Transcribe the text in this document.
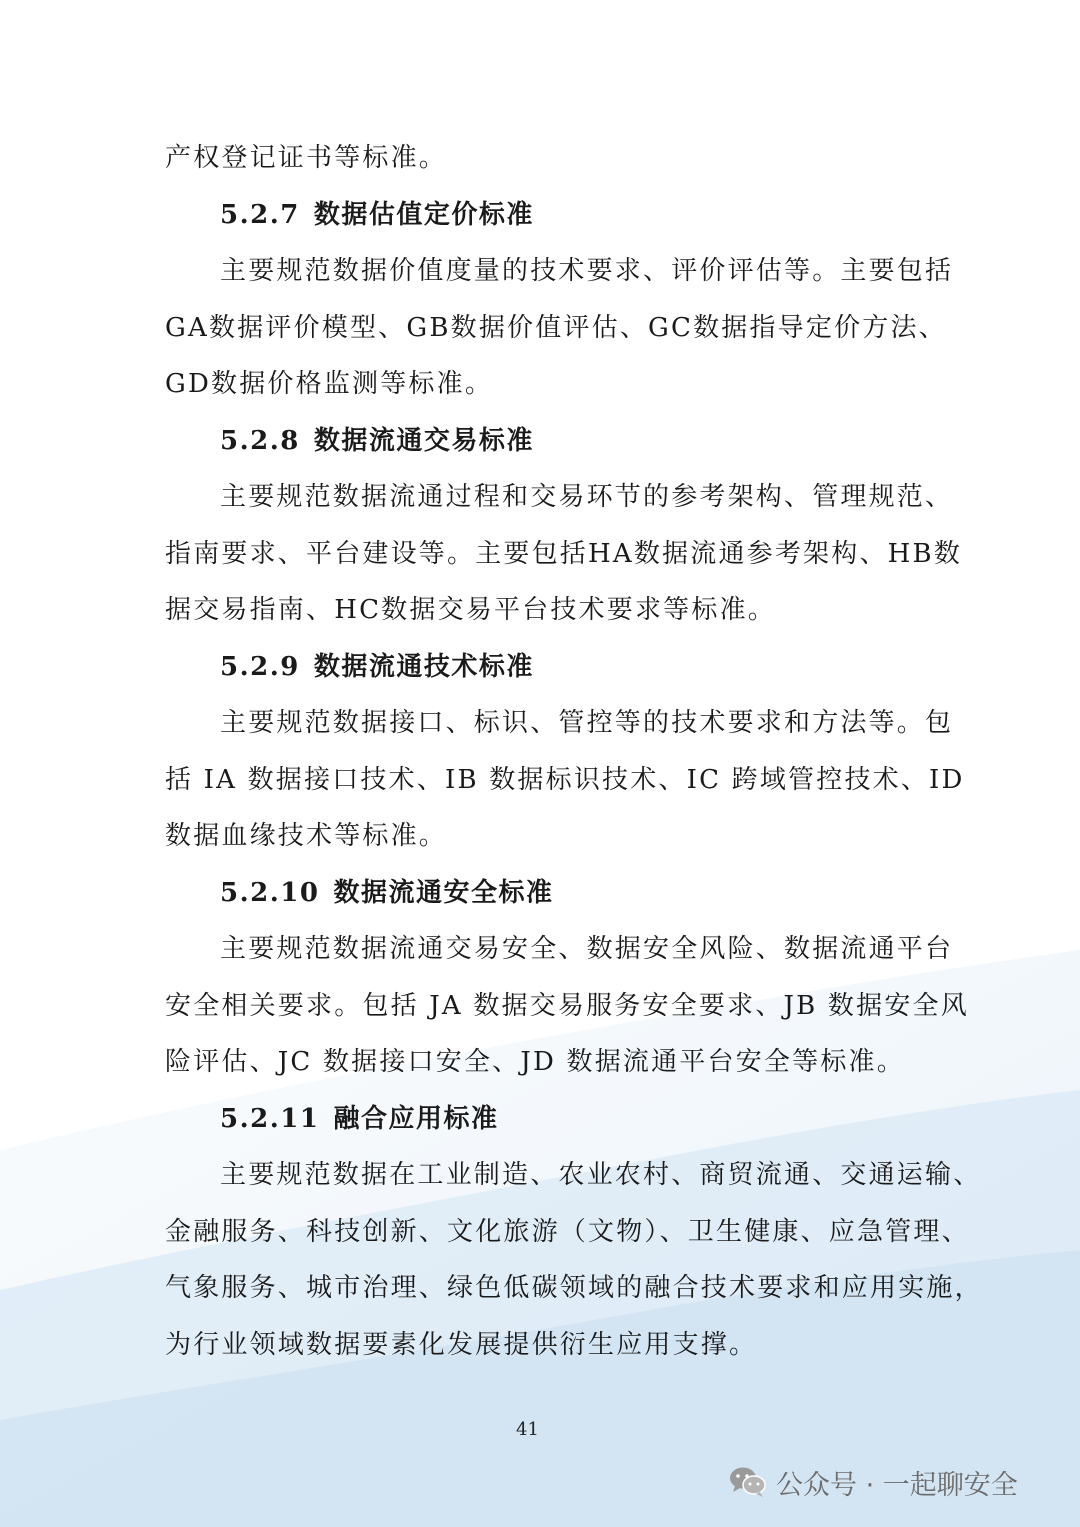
产权登记证书等标准。
5.2.7 数据估值定价标准
主要规范数据价值度量的技术要求、评价评估等。主要包括
GA数据评价模型、GB数据价值评估、GC数据指导定价方法、
GD数据价格监测等标准。
5.2.8 数据流通交易标准
主要规范数据流通过程和交易环节的参考架构、管理规范、
指南要求、平台建设等。主要包括HA数据流通参考架构、HB数
据交易指南、HC数据交易平台技术要求等标准。
5.2.9 数据流通技术标准
主要规范数据接口、标识、管控等的技术要求和方法等。包
括 IA 数据接口技术、IB 数据标识技术、IC 跨域管控技术、ID
数据血缘技术等标准。
5.2.10 数据流通安全标准
主要规范数据流通交易安全、数据安全风险、数据流通平台
安全相关要求。包括 JA 数据交易服务安全要求、JB 数据安全风
险评估、JC 数据接口安全、JD 数据流通平台安全等标准。
5.2.11 融合应用标准
主要规范数据在工业制造、农业农村、商贸流通、交通运输、
金融服务、科技创新、文化旅游（文物）、卫生健康、应急管理、
气象服务、城市治理、绿色低碳领域的融合技术要求和应用实施，
为行业领域数据要素化发展提供衍生应用支撑。
41
公众号 · 一起聊安全
